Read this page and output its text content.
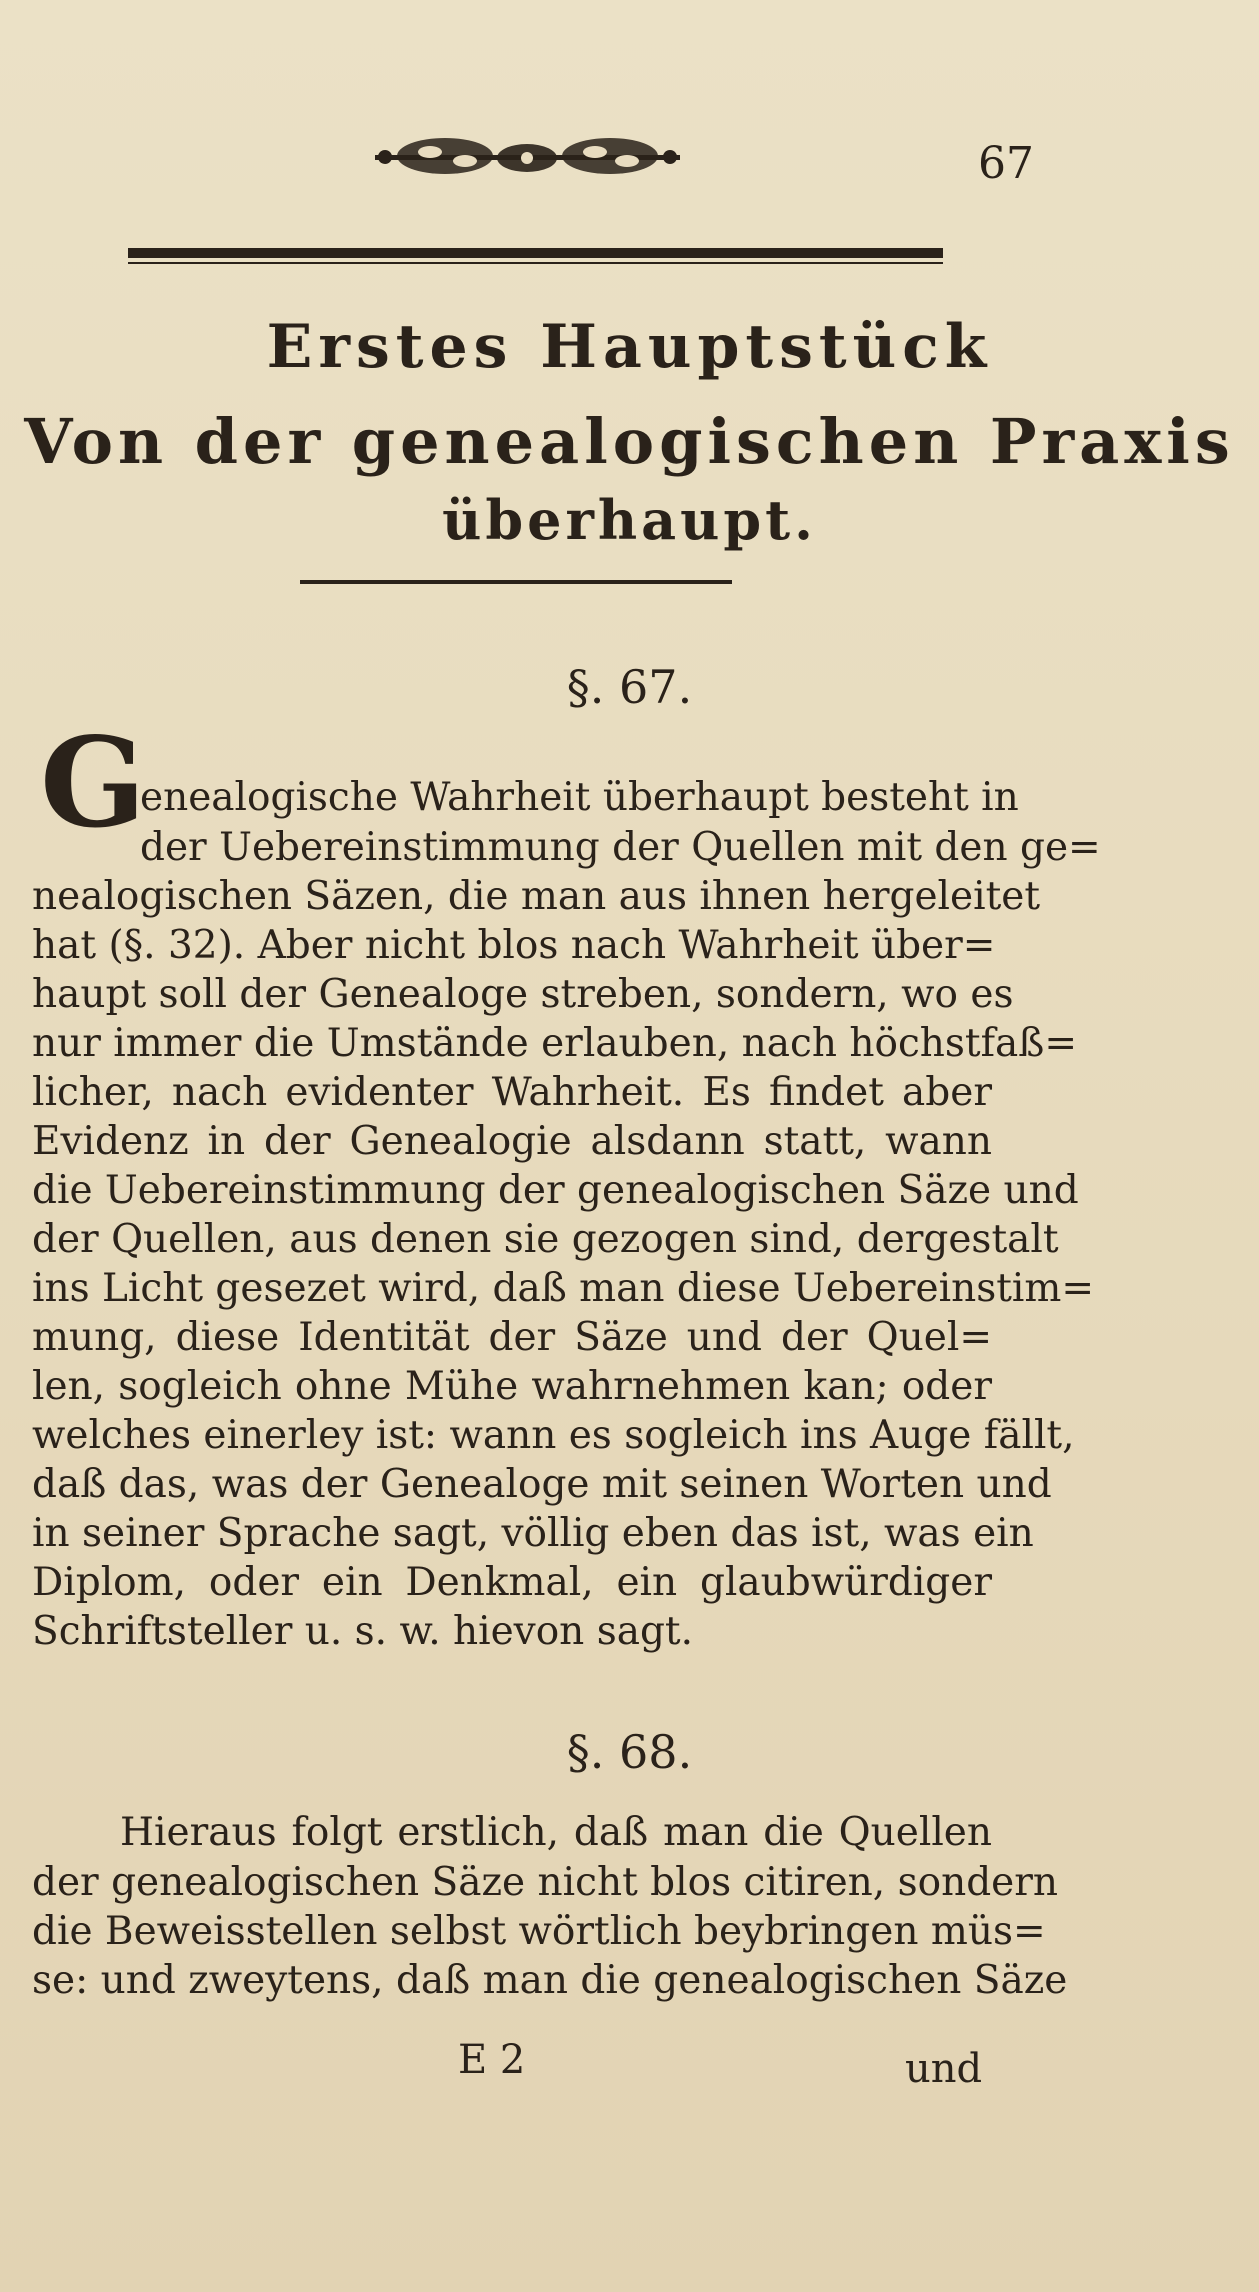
67
Erstes Hauptstück
Von der genealogischen Praxis
überhaupt.
§. 67.
G
enealogische Wahrheit überhaupt besteht in
der Uebereinstimmung der Quellen mit den ge=
nealogischen Säzen, die man aus ihnen hergeleitet
hat (§. 32). Aber nicht blos nach Wahrheit über=
haupt soll der Genealoge streben, sondern, wo es
nur immer die Umstände erlauben, nach höchstfaß=
licher, nach evidenter Wahrheit. Es findet aber
Evidenz in der Genealogie alsdann statt, wann
die Uebereinstimmung der genealogischen Säze und
der Quellen, aus denen sie gezogen sind, dergestalt
ins Licht gesezet wird, daß man diese Uebereinstim=
mung, diese Identität der Säze und der Quel=
len, sogleich ohne Mühe wahrnehmen kan; oder
welches einerley ist: wann es sogleich ins Auge fällt,
daß das, was der Genealoge mit seinen Worten und
in seiner Sprache sagt, völlig eben das ist, was ein
Diplom, oder ein Denkmal, ein glaubwürdiger
Schriftsteller u. s. w. hievon sagt.
§. 68.
Hieraus folgt erstlich, daß man die Quellen
der genealogischen Säze nicht blos citiren, sondern
die Beweisstellen selbst wörtlich beybringen müs=
se: und zweytens, daß man die genealogischen Säze
E 2	und
